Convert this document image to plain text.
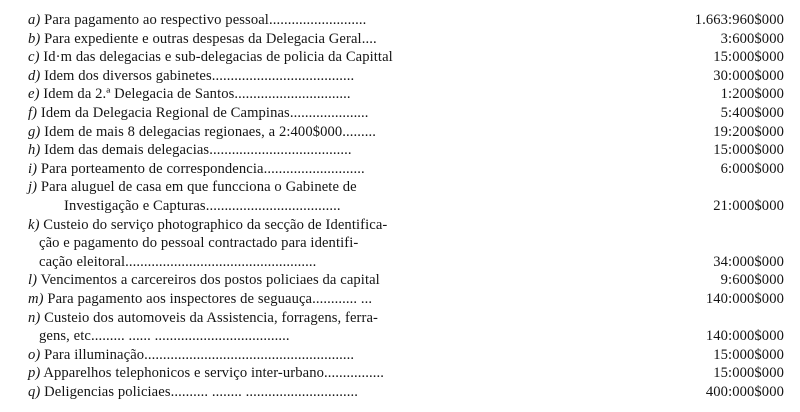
a) Para pagamento ao respectivo pessoal..........................	1.663:960$000
b) Para expediente e outras despesas da Delegacia Geral....	3:600$000
c) Id·m das delegacias e sub-delegacias de policia da Capittal	15:000$000
d) Idem dos diversos gabinetes......................................	30:000$000
e) Idem da 2.ª Delegacia de Santos...............................	1:200$000
f) Idem da Delegacia Regional de Campinas.....................	5:400$000
g) Idem de mais 8 delegacias regionaes, a 2:400$000.........	19:200$000
h) Idem das demais delegacias......................................	15:000$000
i) Para porteamento de correspondencia...........................	6:000$000
j) Para aluguel de casa em que funcciona o Gabinete de
Investigação e Capturas....................................	21:000$000
k) Custeio do serviço photographico da secção de Identifica-
ção e pagamento do pessoal contractado para identifi-
cação eleitoral...................................................	34:000$000
l) Vencimentos a carcereiros dos postos policiaes da capital	9:600$000
m) Para pagamento aos inspectores de seguauça............ ...	140:000$000
n) Custeio dos automoveis da Assistencia, forragens, ferra-
gens, etc......... ...... ....................................	140:000$000
o) Para illuminação........................................................	15:000$000
p) Apparelhos telephonicos e serviço inter-urbano................	15:000$000
q) Deligencias policiaes.......... ........ ..............................	400:000$000
